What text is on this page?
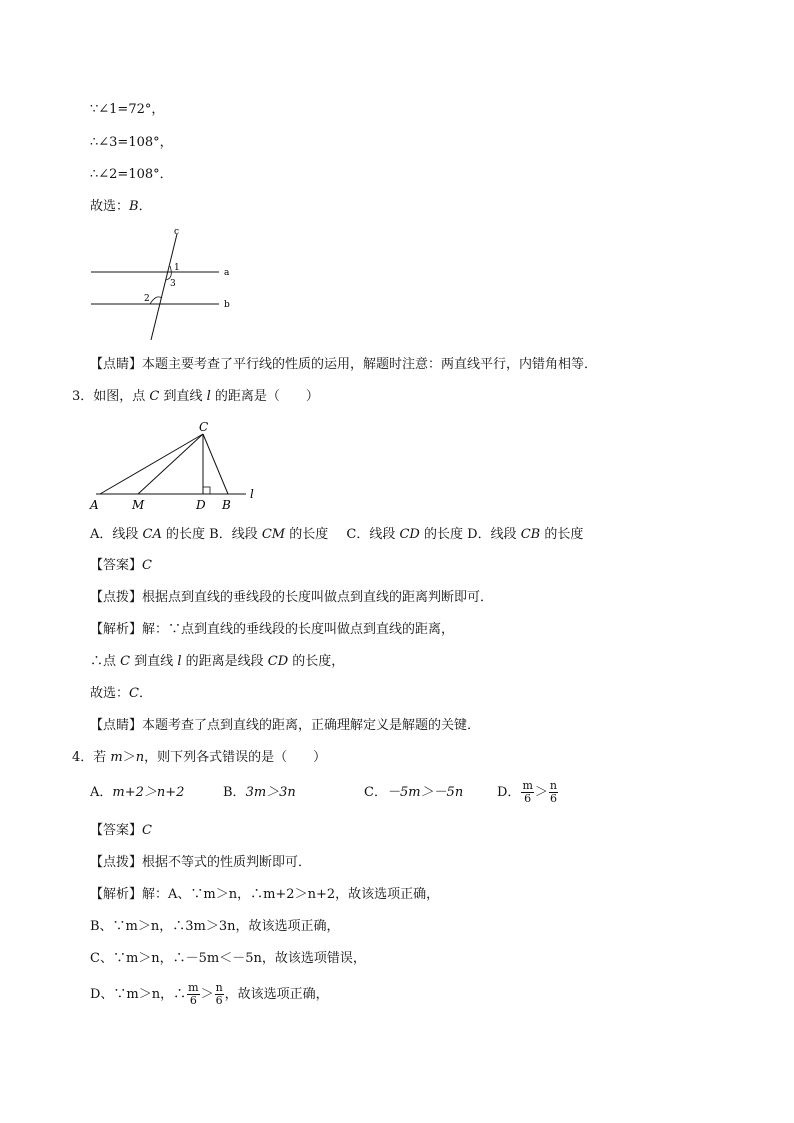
∵∠1=72°，
∴∠3=108°，
∴∠2=108°．
故选：B．
c
a
b
1
3
2
【点睛】本题主要考查了平行线的性质的运用，解题时注意：两直线平行，内错角相等．
3．如图，点 C 到直线 l 的距离是（　　）
C
A	M	D B
l
A．线段 CA 的长度 B．线段 CM 的长度 C．线段 CD 的长度 D．线段 CB 的长度
【答案】C
【点拨】根据点到直线的垂线段的长度叫做点到直线的距离判断即可．
【解析】解：∵点到直线的垂线段的长度叫做点到直线的距离，
∴点 C 到直线 l 的距离是线段 CD 的长度，
故选：C．
【点睛】本题考查了点到直线的距离，正确理解定义是解题的关键．
4．若 m＞n，则下列各式错误的是（　　）
A．m+2＞n+2	B．3m＞3n	C．－5m＞－5n	D． $\frac{m}{6} > \frac{n}{6}$
【答案】C
【点拨】根据不等式的性质判断即可．
【解析】解：A、∵m＞n，∴m+2＞n+2，故该选项正确，
B、∵m＞n，∴3m＞3n，故该选项正确，
C、∵m＞n，∴－5m＜－5n，故该选项错误，
D、∵m＞n，∴ $\frac{m}{6} > \frac{n}{6}$ ，故该选项正确，
